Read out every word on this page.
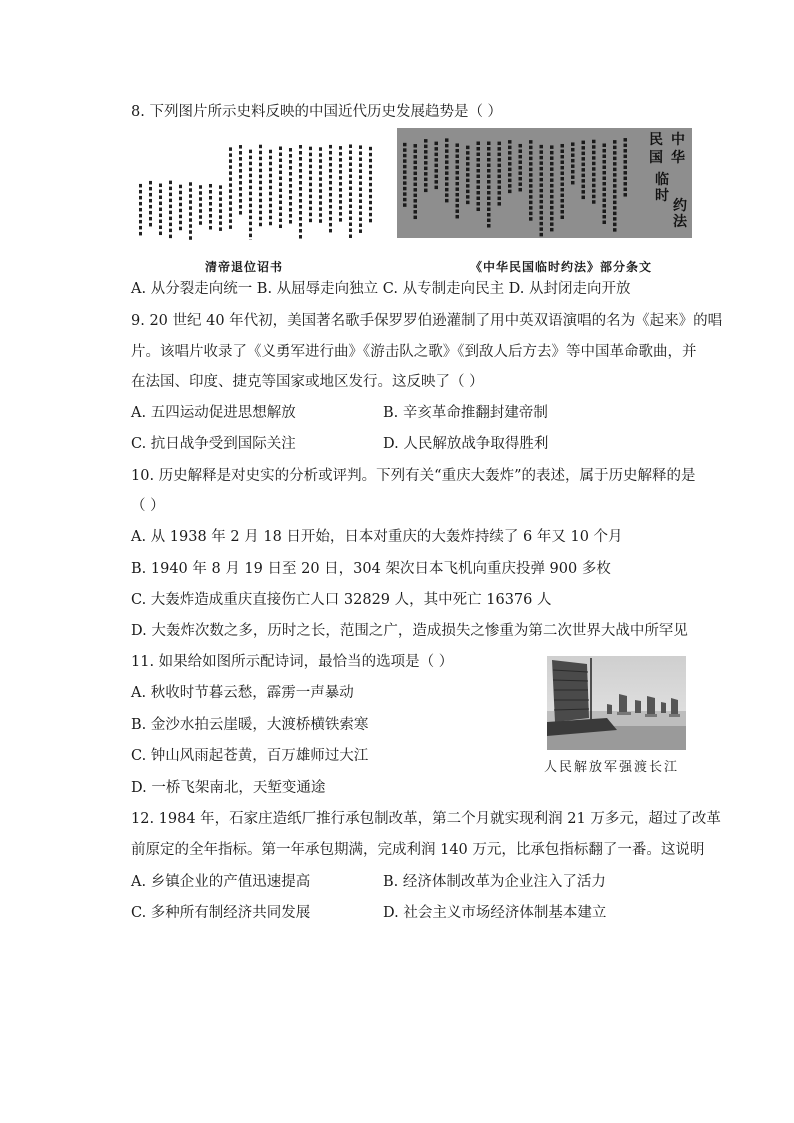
8. 下列图片所示史料反映的中国近代历史发展趋势是（ ）
清帝退位诏书
中
华
民
国
临
时
约
法
《中华民国临时约法》部分条文
A. 从分裂走向统一 B. 从屈辱走向独立 C. 从专制走向民主 D. 从封闭走向开放
9. 20 世纪 40 年代初，美国著名歌手保罗罗伯逊灌制了用中英双语演唱的名为《起来》的唱
片。该唱片收录了《义勇军进行曲》《游击队之歌》《到敌人后方去》等中国革命歌曲，并
在法国、印度、捷克等国家或地区发行。这反映了（ ）
A. 五四运动促进思想解放	B. 辛亥革命推翻封建帝制
C. 抗日战争受到国际关注	D. 人民解放战争取得胜利
10. 历史解释是对史实的分析或评判。下列有关“重庆大轰炸”的表述，属于历史解释的是
（ ）
A. 从 1938 年 2 月 18 日开始，日本对重庆的大轰炸持续了 6 年又 10 个月
B. 1940 年 8 月 19 日至 20 日，304 架次日本飞机向重庆投弹 900 多枚
C. 大轰炸造成重庆直接伤亡人口 32829 人，其中死亡 16376 人
D. 大轰炸次数之多，历时之长，范围之广，造成损失之惨重为第二次世界大战中所罕见
11. 如果给如图所示配诗词，最恰当的选项是（ ）
A. 秋收时节暮云愁，霹雳一声暴动
B. 金沙水拍云崖暖，大渡桥横铁索寒
C. 钟山风雨起苍黄，百万雄师过大江
D. 一桥飞架南北，天堑变通途
人民解放军强渡长江
12. 1984 年，石家庄造纸厂推行承包制改革，第二个月就实现利润 21 万多元，超过了改革
前原定的全年指标。第一年承包期满，完成利润 140 万元，比承包指标翻了一番。这说明
A. 乡镇企业的产值迅速提高	B. 经济体制改革为企业注入了活力
C. 多种所有制经济共同发展	D. 社会主义市场经济体制基本建立
